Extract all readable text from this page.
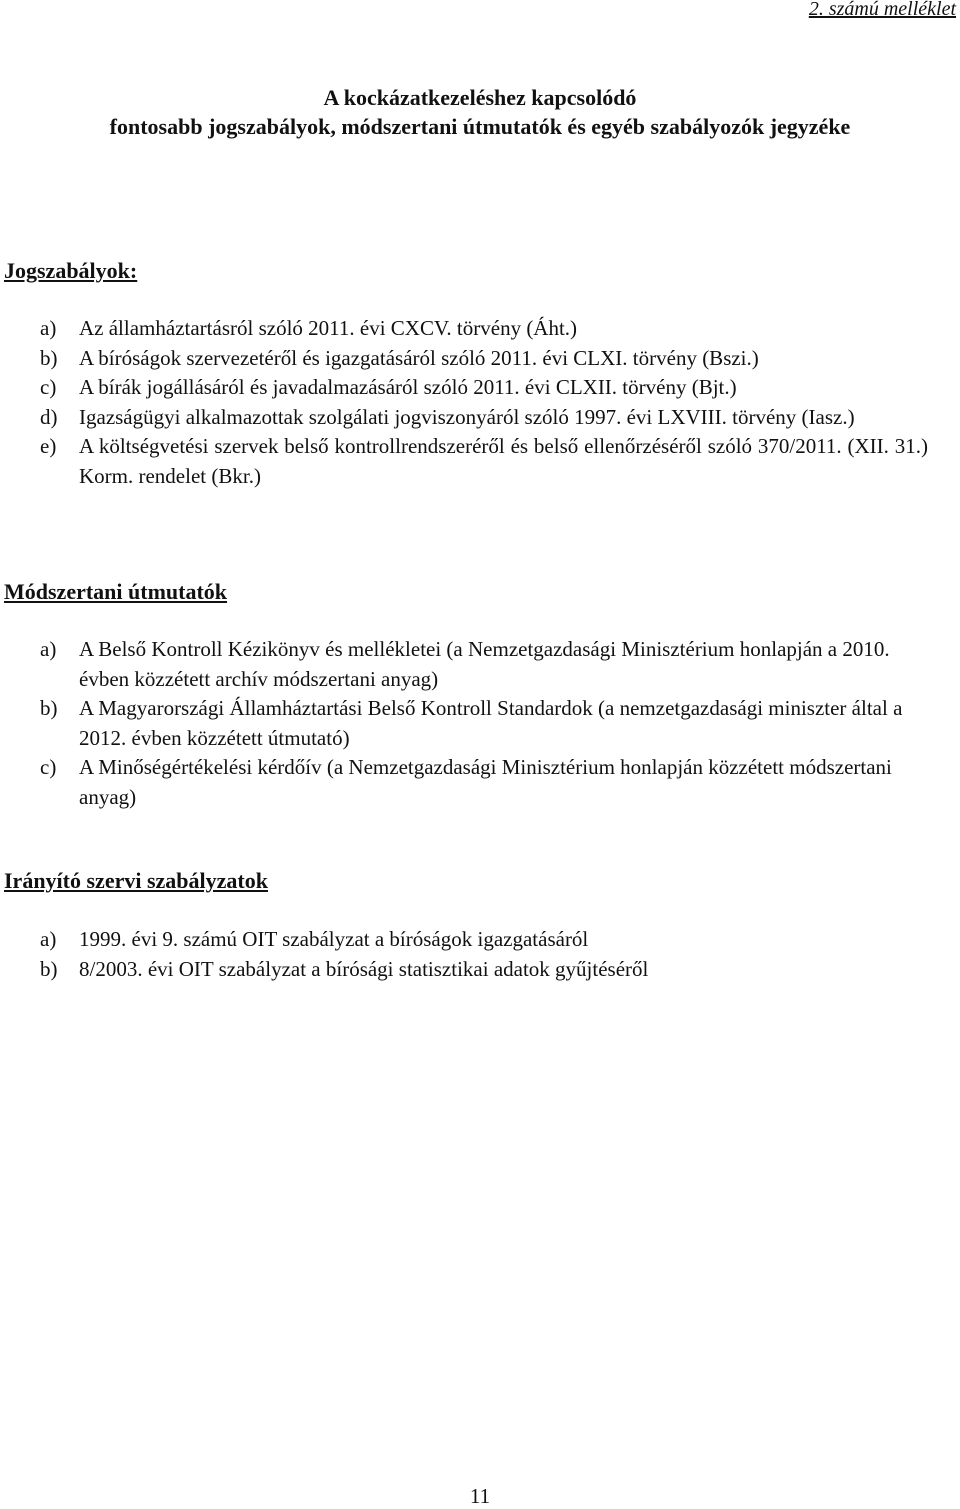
2. számú melléklet
A kockázatkezeléshez kapcsolódó
fontosabb jogszabályok, módszertani útmutatók és egyéb szabályozók jegyzéke
Jogszabályok:
a) Az államháztartásról szóló 2011. évi CXCV. törvény (Áht.)
b) A bíróságok szervezetéről és igazgatásáról szóló 2011. évi CLXI. törvény (Bszi.)
c) A bírák jogállásáról és javadalmazásáról szóló 2011. évi CLXII. törvény (Bjt.)
d) Igazságügyi alkalmazottak szolgálati jogviszonyáról szóló 1997. évi LXVIII. törvény (Iasz.)
e) A költségvetési szervek belső kontrollrendszeréről és belső ellenőrzéséről szóló 370/2011. (XII. 31.) Korm. rendelet (Bkr.)
Módszertani útmutatók
a) A Belső Kontroll Kézikönyv és mellékletei (a Nemzetgazdasági Minisztérium honlapján a 2010. évben közzétett archív módszertani anyag)
b) A Magyarországi Államháztartási Belső Kontroll Standardok (a nemzetgazdasági miniszter által a 2012. évben közzétett útmutató)
c) A Minőségértékelési kérdőív (a Nemzetgazdasági Minisztérium honlapján közzétett módszertani anyag)
Irányító szervi szabályzatok
a) 1999. évi 9. számú OIT szabályzat a bíróságok igazgatásáról
b) 8/2003. évi OIT szabályzat a bírósági statisztikai adatok gyűjtéséről
11
